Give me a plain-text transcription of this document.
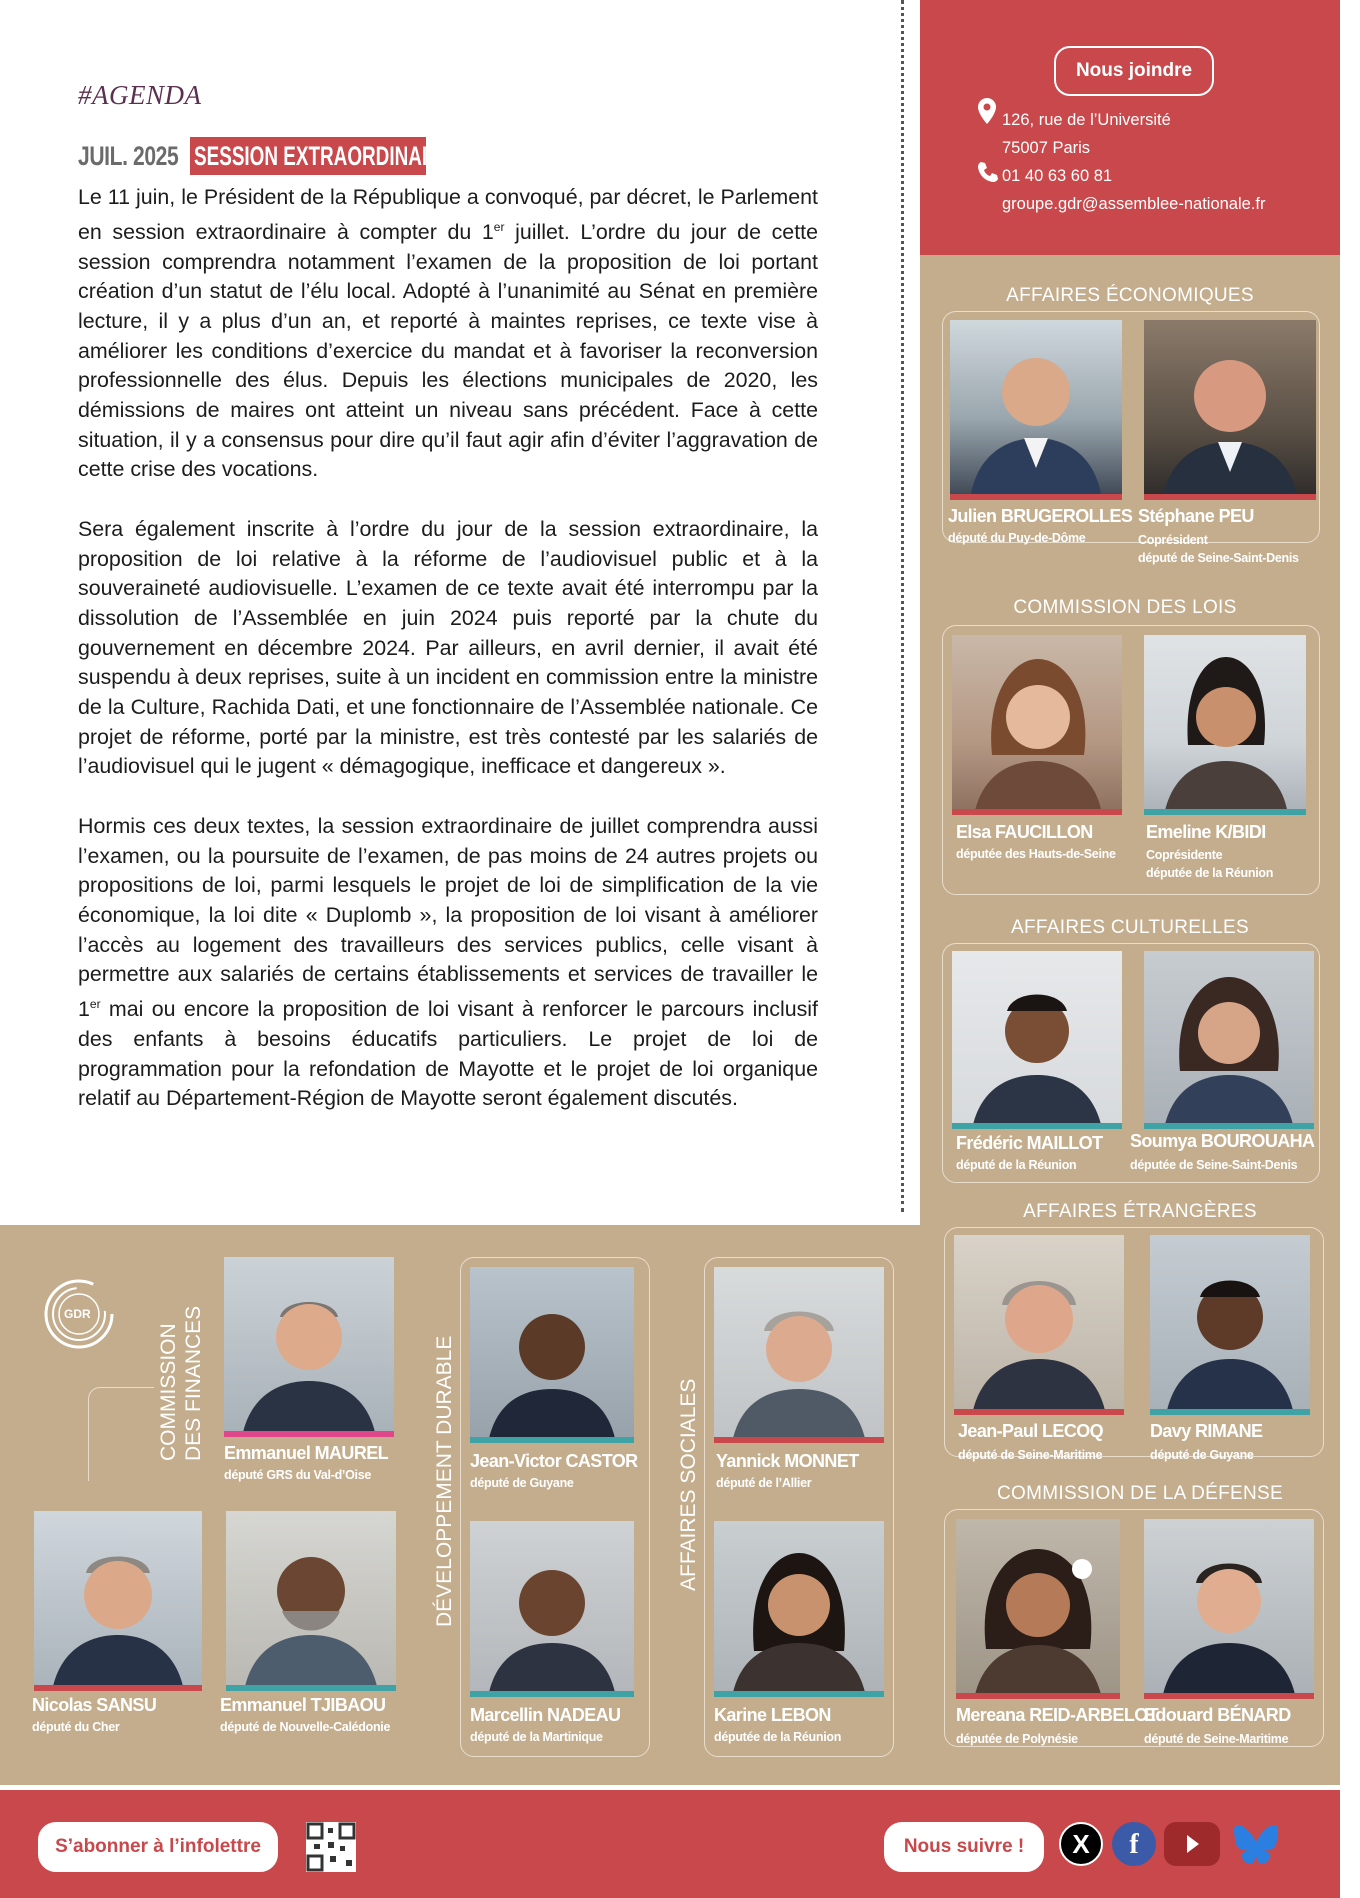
#AGENDA
JUIL. 2025 SESSION EXTRAORDINAIRE

Le 11 juin, le Président de la République a convoqué, par décret, le Parlement en session extraordinaire à compter du 1er juillet. L’ordre du jour de cette session comprendra notamment l’examen de la proposition de loi portant création d’un statut de l’élu local. Adopté à l’unanimité au Sénat en première lecture, il y a plus d’un an, et reporté à maintes reprises, ce texte vise à améliorer les conditions d’exercice du mandat et à favoriser la reconversion professionnelle des élus. Depuis les élections municipales de 2020, les démissions de maires ont atteint un niveau sans précédent. Face à cette situation, il y a consensus pour dire qu’il faut agir afin d’éviter l’aggravation de cette crise des vocations.

Sera également inscrite à l’ordre du jour de la session extraordinaire, la proposition de loi relative à la réforme de l’audiovisuel public et à la souveraineté audiovisuelle. L’examen de ce texte avait été interrompu par la dissolution de l’Assemblée en juin 2024 puis reporté par la chute du gouvernement en décembre 2024. Par ailleurs, en avril dernier, il avait été suspendu à deux reprises, suite à un incident en commission entre la ministre de la Culture, Rachida Dati, et une fonctionnaire de l’Assemblée nationale. Ce projet de réforme, porté par la ministre, est très contesté par les salariés de l’audiovisuel qui le jugent « démagogique, inefficace et dangereux ».

Hormis ces deux textes, la session extraordinaire de juillet comprendra aussi l’examen, ou la poursuite de l’examen, de pas moins de 24 autres projets ou propositions de loi, parmi lesquels le projet de loi de simplification de la vie économique, la loi dite « Duplomb », la proposition de loi visant à améliorer l’accès au logement des travailleurs des services publics, celle visant à permettre aux salariés de certains établissements et services de travailler le 1er mai ou encore la proposition de loi visant à renforcer le parcours inclusif des enfants à besoins éducatifs particuliers. Le projet de loi de programmation pour la refondation de Mayotte et le projet de loi organique relatif au Département-Région de Mayotte seront également discutés.

Nous joindre
126, rue de l’Université
75007 Paris
01 40 63 60 81
groupe.gdr@assemblee-nationale.fr
AFFAIRES ÉCONOMIQUES
Julien BRUGEROLLES
député du Puy-de-Dôme
Stéphane PEU
Coprésident
député de Seine-Saint-Denis
COMMISSION DES LOIS
Elsa FAUCILLON
députée des Hauts-de-Seine
Emeline K/BIDI
Coprésidente
députée de la Réunion
AFFAIRES CULTURELLES
Frédéric MAILLOT
député de la Réunion
Soumya BOUROUAHA
députée de Seine-Saint-Denis
AFFAIRES ÉTRANGÈRES
Jean-Paul LECOQ
député de Seine-Maritime
Davy RIMANE
député de Guyane
COMMISSION DE LA DÉFENSE
Mereana REID-ARBELOT
députée de Polynésie
Edouard BÉNARD
député de Seine-Maritime
GDR
COMMISSION DES FINANCES Emmanuel MAUREL
député GRS du Val-d’Oise
Nicolas SANSU
député du Cher
Emmanuel TJIBAOU
député de Nouvelle-Calédonie
DÉVELOPPEMENT DURABLE Jean-Victor CASTOR
député de Guyane
Marcellin NADEAU
député de la Martinique
AFFAIRES SOCIALES Yannick MONNET
député de l’Allier
Karine LEBON
députée de la Réunion
S’abonner à l’infolettre	Nous suivre !	X	f
